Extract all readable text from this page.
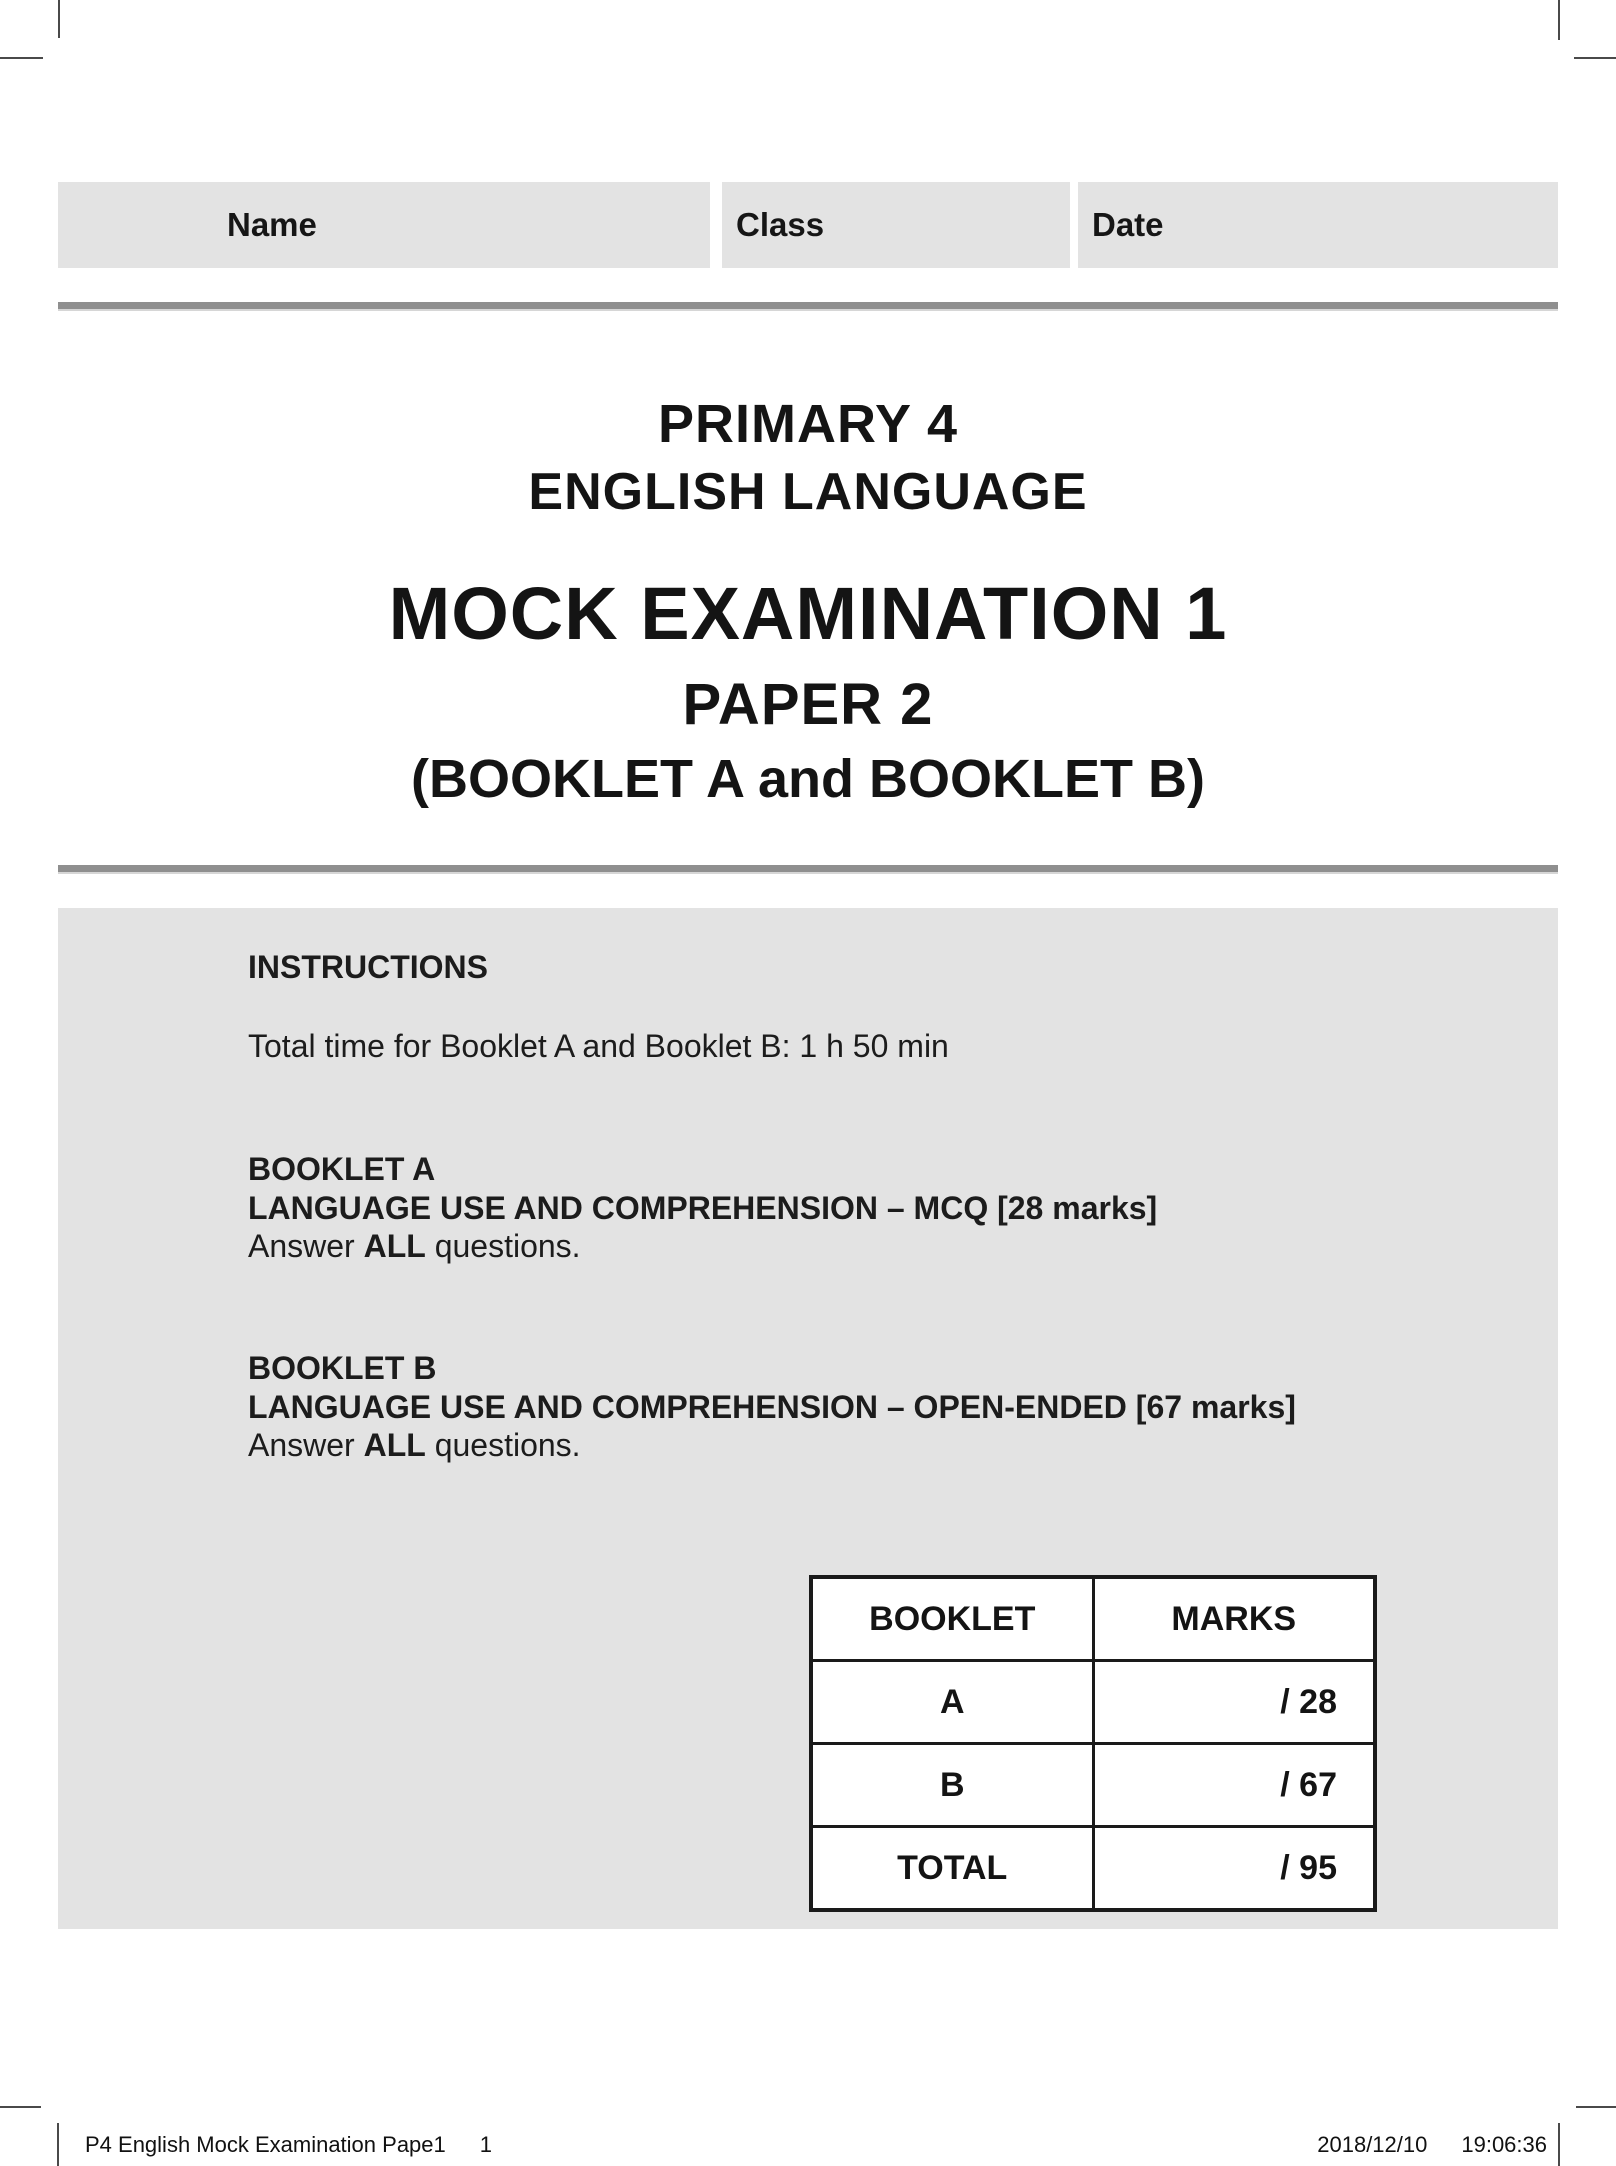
Name	Class	Date
PRIMARY 4
ENGLISH LANGUAGE
MOCK EXAMINATION 1
PAPER 2
(BOOKLET A and BOOKLET B)

INSTRUCTIONS

Total time for Booklet A and Booklet B: 1 h 50 min

BOOKLET A
LANGUAGE USE AND COMPREHENSION – MCQ [28 marks]
Answer ALL questions.

BOOKLET B
LANGUAGE USE AND COMPREHENSION – OPEN-ENDED [67 marks]
Answer ALL questions.

BOOKLET	MARKS
A	/ 28
B	/ 67
TOTAL	/ 95
P4 English Mock Examination Pape1 1	2018/12/10 19:06:36
